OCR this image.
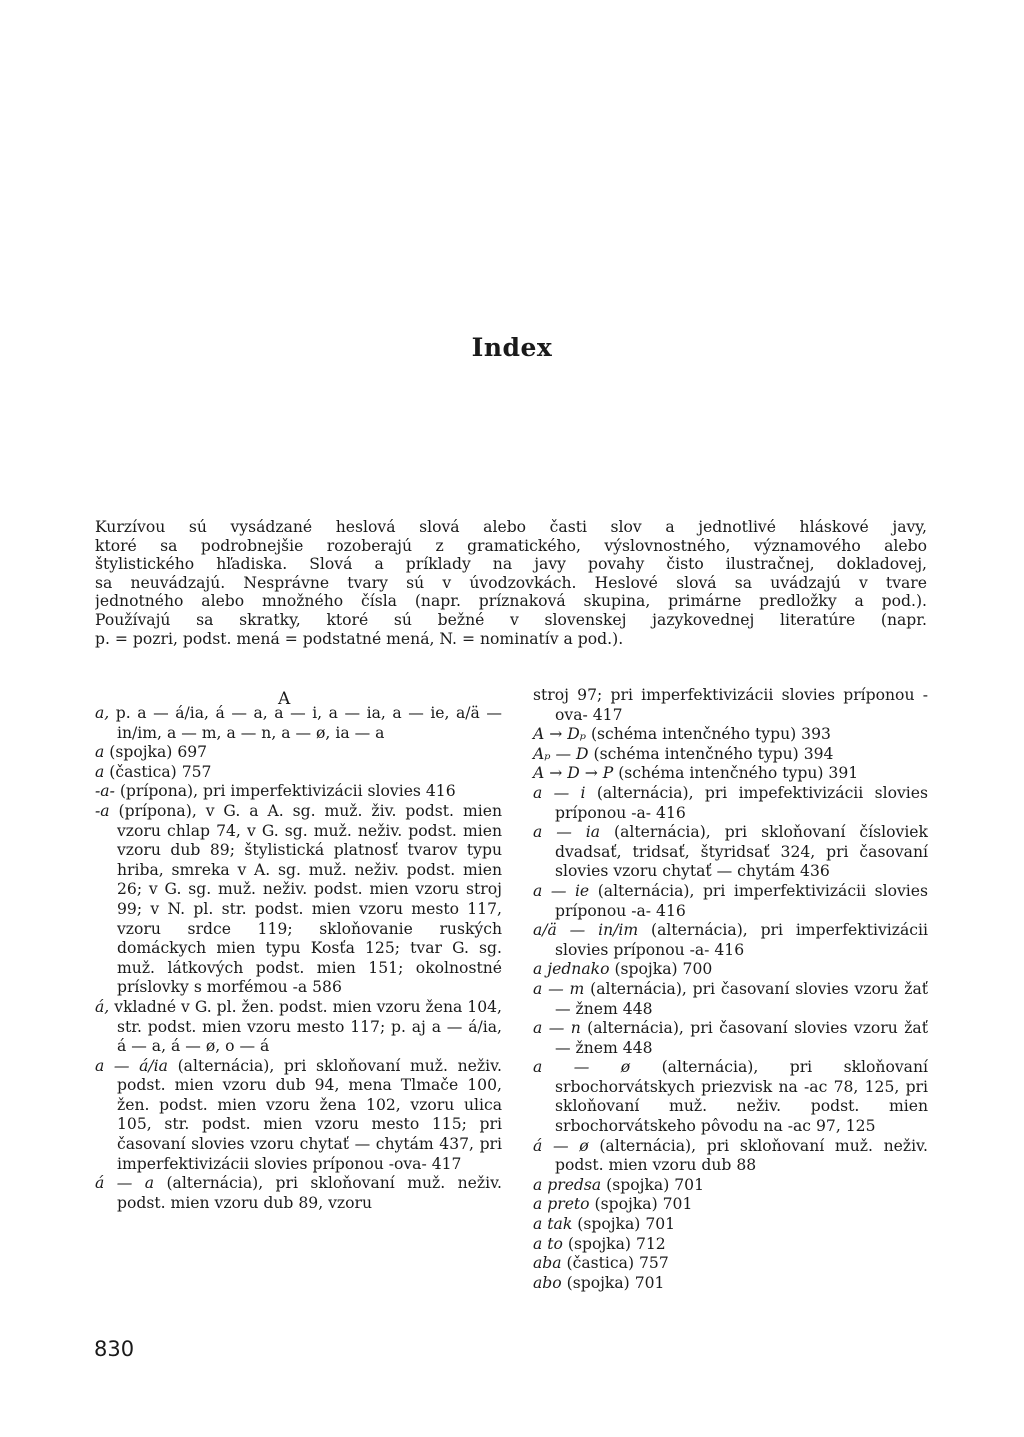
Index
Kurzívou sú vysádzané heslová slová alebo časti slov a jednotlivé hláskové javy,
ktoré sa podrobnejšie rozoberajú z gramatického, výslovnostného, významového alebo
štylistického hľadiska. Slová a príklady na javy povahy čisto ilustračnej, dokladovej,
sa neuvádzajú. Nesprávne tvary sú v úvodzovkách. Heslové slová sa uvádzajú v tvare
jednotného alebo množného čísla (napr. príznaková skupina, primárne predložky a pod.).
Používajú sa skratky, ktoré sú bežné v slovenskej jazykovednej literatúre (napr.
p. = pozri, podst. mená = podstatné mená, N. = nominatív a pod.).
A

a, p. a — á/ia, á — a, a — i, a — ia, a — ie, a/ä — in/im, a — m, a — n, a — ø, ia — a

a (spojka) 697

a (častica) 757

-a- (prípona), pri imperfektivizácii slovies 416

-a (prípona), v G. a A. sg. muž. živ. podst. mien vzoru chlap 74, v G. sg. muž. neživ. podst. mien vzoru dub 89; štylistická platnosť tvarov typu hriba, smreka v A. sg. muž. neživ. podst. mien 26; v G. sg. muž. neživ. podst. mien vzoru stroj 99; v N. pl. str. podst. mien vzoru mesto 117, vzoru srdce 119; skloňovanie ruských domáckych mien typu Kosťa 125; tvar G. sg. muž. látkových podst. mien 151; okolnostné príslovky s morfémou -a 586

á, vkladné v G. pl. žen. podst. mien vzoru žena 104, str. podst. mien vzoru mesto 117; p. aj a — á/ia, á — a, á — ø, o — á

a — á/ia (alternácia), pri skloňovaní muž. neživ. podst. mien vzoru dub 94, mena Tlmače 100, žen. podst. mien vzoru žena 102, vzoru ulica 105, str. podst. mien vzoru mesto 115; pri časovaní slovies vzoru chytať — chytám 437, pri imperfektivizácii slovies príponou -ova- 417

á — a (alternácia), pri skloňovaní muž. neživ. podst. mien vzoru dub 89, vzoru

stroj 97; pri imperfektivizácii slovies príponou -ova- 417

A → Dₚ (schéma intenčného typu) 393

Aₚ — D (schéma intenčného typu) 394

A → D → P (schéma intenčného typu) 391

a — i (alternácia), pri impefektivizácii slovies príponou -a- 416

a — ia (alternácia), pri skloňovaní čísloviek dvadsať, tridsať, štyridsať 324, pri časovaní slovies vzoru chytať — chytám 436

a — ie (alternácia), pri imperfektivizácii slovies príponou -a- 416

a/ä — in/im (alternácia), pri imperfektivizácii slovies príponou -a- 416

a jednako (spojka) 700

a — m (alternácia), pri časovaní slovies vzoru žať — žnem 448

a — n (alternácia), pri časovaní slovies vzoru žať — žnem 448

a — ø (alternácia), pri skloňovaní srbochorvátskych priezvisk na -ac 78, 125, pri skloňovaní muž. neživ. podst. mien srbochorvátskeho pôvodu na -ac 97, 125

á — ø (alternácia), pri skloňovaní muž. neživ. podst. mien vzoru dub 88

a predsa (spojka) 701

a preto (spojka) 701

a tak (spojka) 701

a to (spojka) 712

aba (častica) 757

abo (spojka) 701

830
